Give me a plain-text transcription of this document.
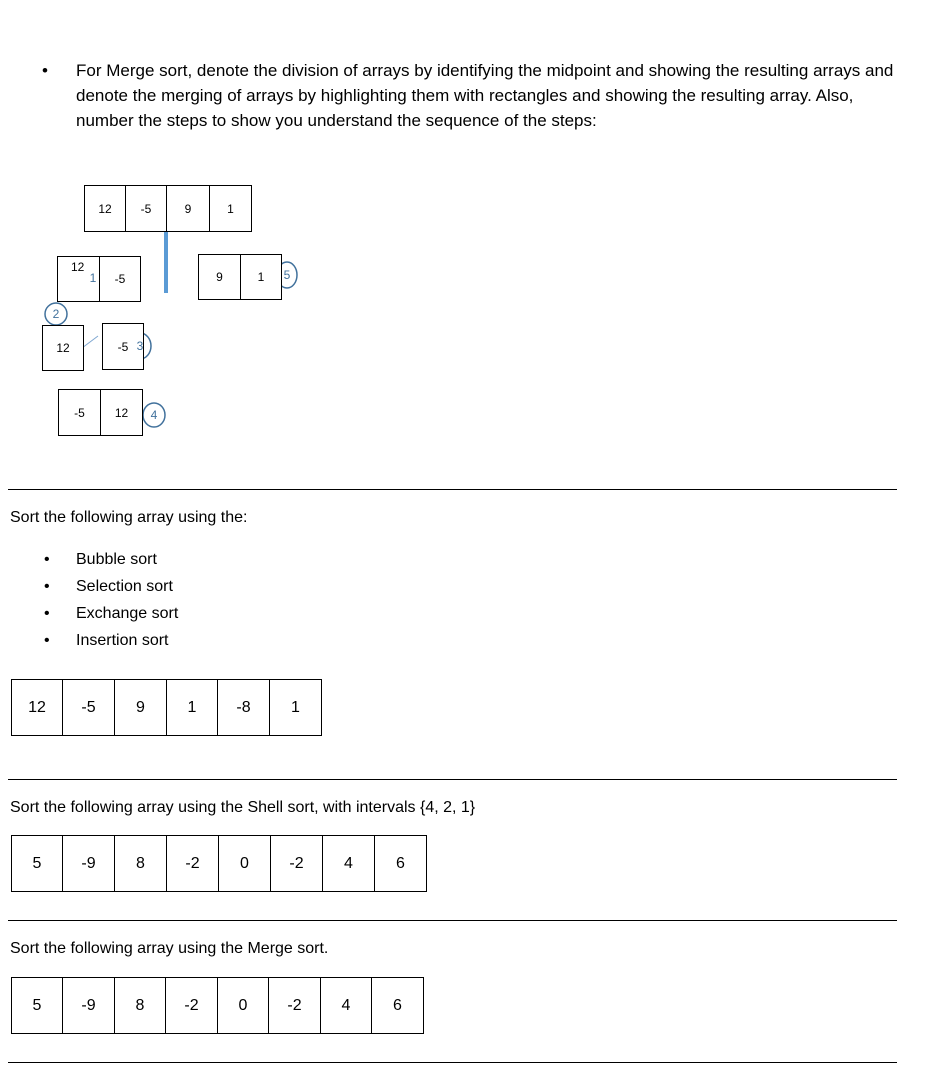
• For Merge sort, denote the division of arrays by identifying the midpoint and showing the resulting arrays and denote the merging of arrays by highlighting them with rectangles and showing the resulting array. Also, number the steps to show you understand the sequence of the steps:
12	-5	9	1
12
-5	9	1
12	-5
-5	12
1
2
3
4
5
Sort the following array using the:
• Bubble sort
• Selection sort
• Exchange sort
• Insertion sort
12	-5	9	1	-8	1
Sort the following array using the Shell sort, with intervals {4, 2, 1}
5	-9	8	-2	0	-2	4	6
Sort the following array using the Merge sort.
5	-9	8	-2	0	-2	4	6
